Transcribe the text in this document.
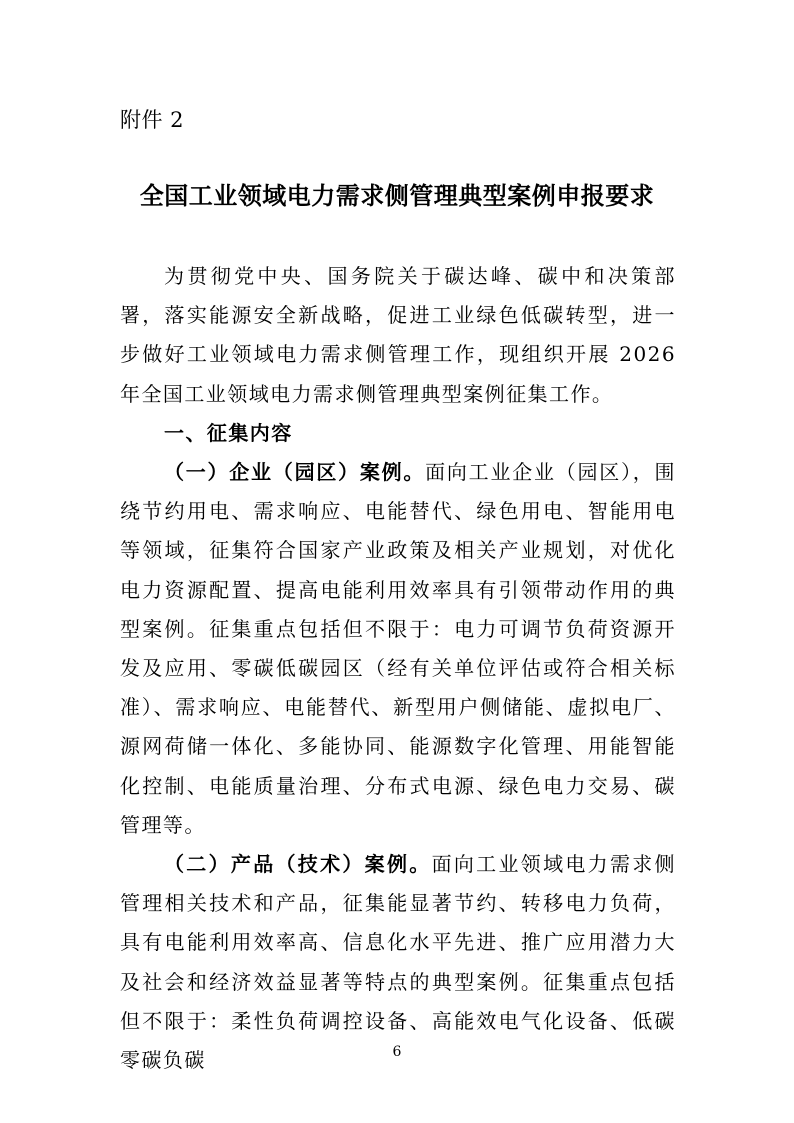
附件 2
全国工业领域电力需求侧管理典型案例申报要求

为贯彻党中央、国务院关于碳达峰、碳中和决策部署，落实能源安全新战略，促进工业绿色低碳转型，进一步做好工业领域电力需求侧管理工作，现组织开展 2026 年全国工业领域电力需求侧管理典型案例征集工作。

一、征集内容

（一）企业（园区）案例。面向工业企业（园区），围绕节约用电、需求响应、电能替代、绿色用电、智能用电等领域，征集符合国家产业政策及相关产业规划，对优化电力资源配置、提高电能利用效率具有引领带动作用的典型案例。征集重点包括但不限于：电力可调节负荷资源开发及应用、零碳低碳园区（经有关单位评估或符合相关标准）、需求响应、电能替代、新型用户侧储能、虚拟电厂、源网荷储一体化、多能协同、能源数字化管理、用能智能化控制、电能质量治理、分布式电源、绿色电力交易、碳管理等。

（二）产品（技术）案例。面向工业领域电力需求侧管理相关技术和产品，征集能显著节约、转移电力负荷，具有电能利用效率高、信息化水平先进、推广应用潜力大及社会和经济效益显著等特点的典型案例。征集重点包括但不限于：柔性负荷调控设备、高能效电气化设备、低碳零碳负碳	6
